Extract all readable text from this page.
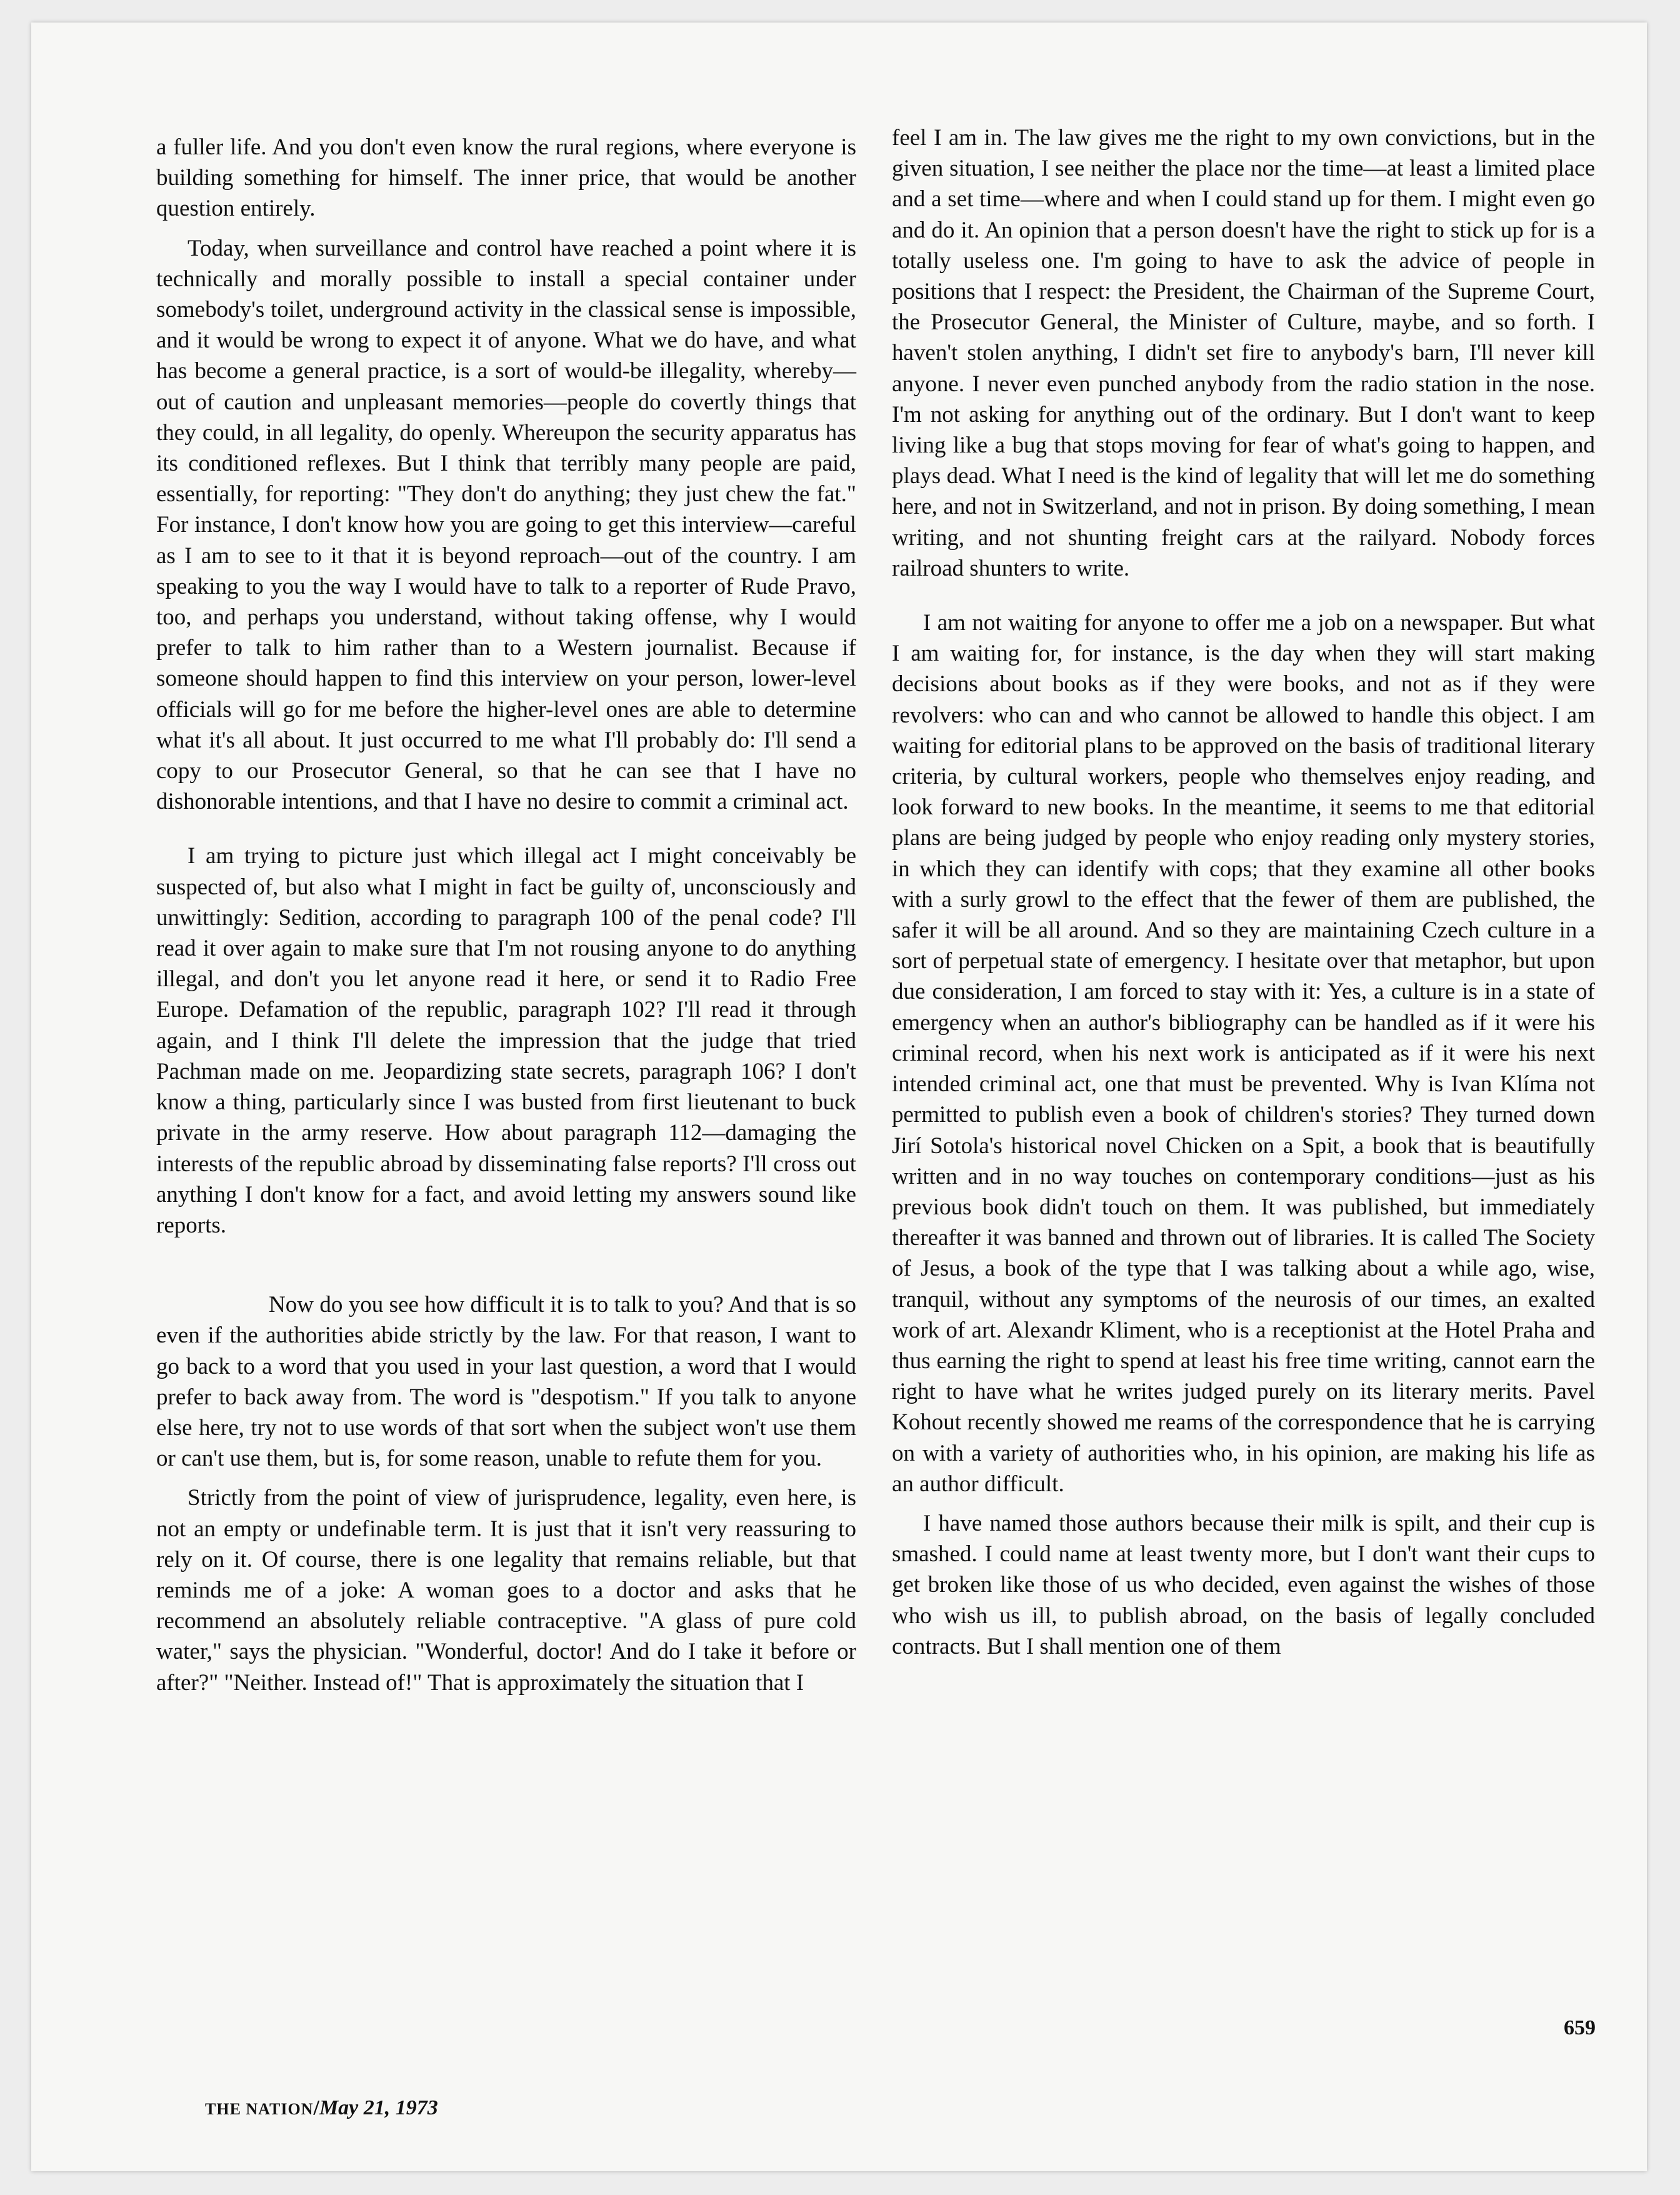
a fuller life. And you don't even know the rural regions, where everyone is building something for himself. The inner price, that would be another question entirely.

Today, when surveillance and control have reached a point where it is technically and morally possible to install a special container under somebody's toilet, underground activity in the classical sense is impossible, and it would be wrong to expect it of anyone. What we do have, and what has become a general practice, is a sort of would-be illegality, whereby—out of caution and unpleasant memories—people do covertly things that they could, in all legality, do openly. Whereupon the security apparatus has its conditioned reflexes. But I think that terribly many people are paid, essentially, for reporting: "They don't do anything; they just chew the fat." For instance, I don't know how you are going to get this interview—careful as I am to see to it that it is beyond reproach—out of the country. I am speaking to you the way I would have to talk to a reporter of Rude Pravo, too, and perhaps you understand, without taking offense, why I would prefer to talk to him rather than to a Western journalist. Because if someone should happen to find this interview on your person, lower-level officials will go for me before the higher-level ones are able to determine what it's all about. It just occurred to me what I'll probably do: I'll send a copy to our Prosecutor General, so that he can see that I have no dishonorable intentions, and that I have no desire to commit a criminal act.

I am trying to picture just which illegal act I might conceivably be suspected of, but also what I might in fact be guilty of, unconsciously and unwittingly: Sedition, according to paragraph 100 of the penal code? I'll read it over again to make sure that I'm not rousing anyone to do anything illegal, and don't you let anyone read it here, or send it to Radio Free Europe. Defamation of the republic, paragraph 102? I'll read it through again, and I think I'll delete the impression that the judge that tried Pachman made on me. Jeopardizing state secrets, paragraph 106? I don't know a thing, particularly since I was busted from first lieutenant to buck private in the army reserve. How about paragraph 112—damaging the interests of the republic abroad by disseminating false reports? I'll cross out anything I don't know for a fact, and avoid letting my answers sound like reports.

Now do you see how difficult it is to talk to you? And that is so even if the authorities abide strictly by the law. For that reason, I want to go back to a word that you used in your last question, a word that I would prefer to back away from. The word is "despotism." If you talk to anyone else here, try not to use words of that sort when the subject won't use them or can't use them, but is, for some reason, unable to refute them for you.

Strictly from the point of view of jurisprudence, legality, even here, is not an empty or undefinable term. It is just that it isn't very reassuring to rely on it. Of course, there is one legality that remains reliable, but that reminds me of a joke: A woman goes to a doctor and asks that he recommend an absolutely reliable contraceptive. "A glass of pure cold water," says the physician. "Wonderful, doctor! And do I take it before or after?" "Neither. Instead of!" That is approximately the situation that I

feel I am in. The law gives me the right to my own convictions, but in the given situation, I see neither the place nor the time—at least a limited place and a set time—where and when I could stand up for them. I might even go and do it. An opinion that a person doesn't have the right to stick up for is a totally useless one. I'm going to have to ask the advice of people in positions that I respect: the President, the Chairman of the Supreme Court, the Prosecutor General, the Minister of Culture, maybe, and so forth. I haven't stolen anything, I didn't set fire to anybody's barn, I'll never kill anyone. I never even punched anybody from the radio station in the nose. I'm not asking for anything out of the ordinary. But I don't want to keep living like a bug that stops moving for fear of what's going to happen, and plays dead. What I need is the kind of legality that will let me do something here, and not in Switzerland, and not in prison. By doing something, I mean writing, and not shunting freight cars at the railyard. Nobody forces railroad shunters to write.

I am not waiting for anyone to offer me a job on a newspaper. But what I am waiting for, for instance, is the day when they will start making decisions about books as if they were books, and not as if they were revolvers: who can and who cannot be allowed to handle this object. I am waiting for editorial plans to be approved on the basis of traditional literary criteria, by cultural workers, people who themselves enjoy reading, and look forward to new books. In the meantime, it seems to me that editorial plans are being judged by people who enjoy reading only mystery stories, in which they can identify with cops; that they examine all other books with a surly growl to the effect that the fewer of them are published, the safer it will be all around. And so they are maintaining Czech culture in a sort of perpetual state of emergency. I hesitate over that metaphor, but upon due consideration, I am forced to stay with it: Yes, a culture is in a state of emergency when an author's bibliography can be handled as if it were his criminal record, when his next work is anticipated as if it were his next intended criminal act, one that must be prevented. Why is Ivan Klíma not permitted to publish even a book of children's stories? They turned down Jirí Sotola's historical novel Chicken on a Spit, a book that is beautifully written and in no way touches on contemporary conditions—just as his previous book didn't touch on them. It was published, but immediately thereafter it was banned and thrown out of libraries. It is called The Society of Jesus, a book of the type that I was talking about a while ago, wise, tranquil, without any symptoms of the neurosis of our times, an exalted work of art. Alexandr Kliment, who is a receptionist at the Hotel Praha and thus earning the right to spend at least his free time writing, cannot earn the right to have what he writes judged purely on its literary merits. Pavel Kohout recently showed me reams of the correspondence that he is carrying on with a variety of authorities who, in his opinion, are making his life as an author difficult.

I have named those authors because their milk is spilt, and their cup is smashed. I could name at least twenty more, but I don't want their cups to get broken like those of us who decided, even against the wishes of those who wish us ill, to publish abroad, on the basis of legally concluded contracts. But I shall mention one of them

659
THE NATION/May 21, 1973
